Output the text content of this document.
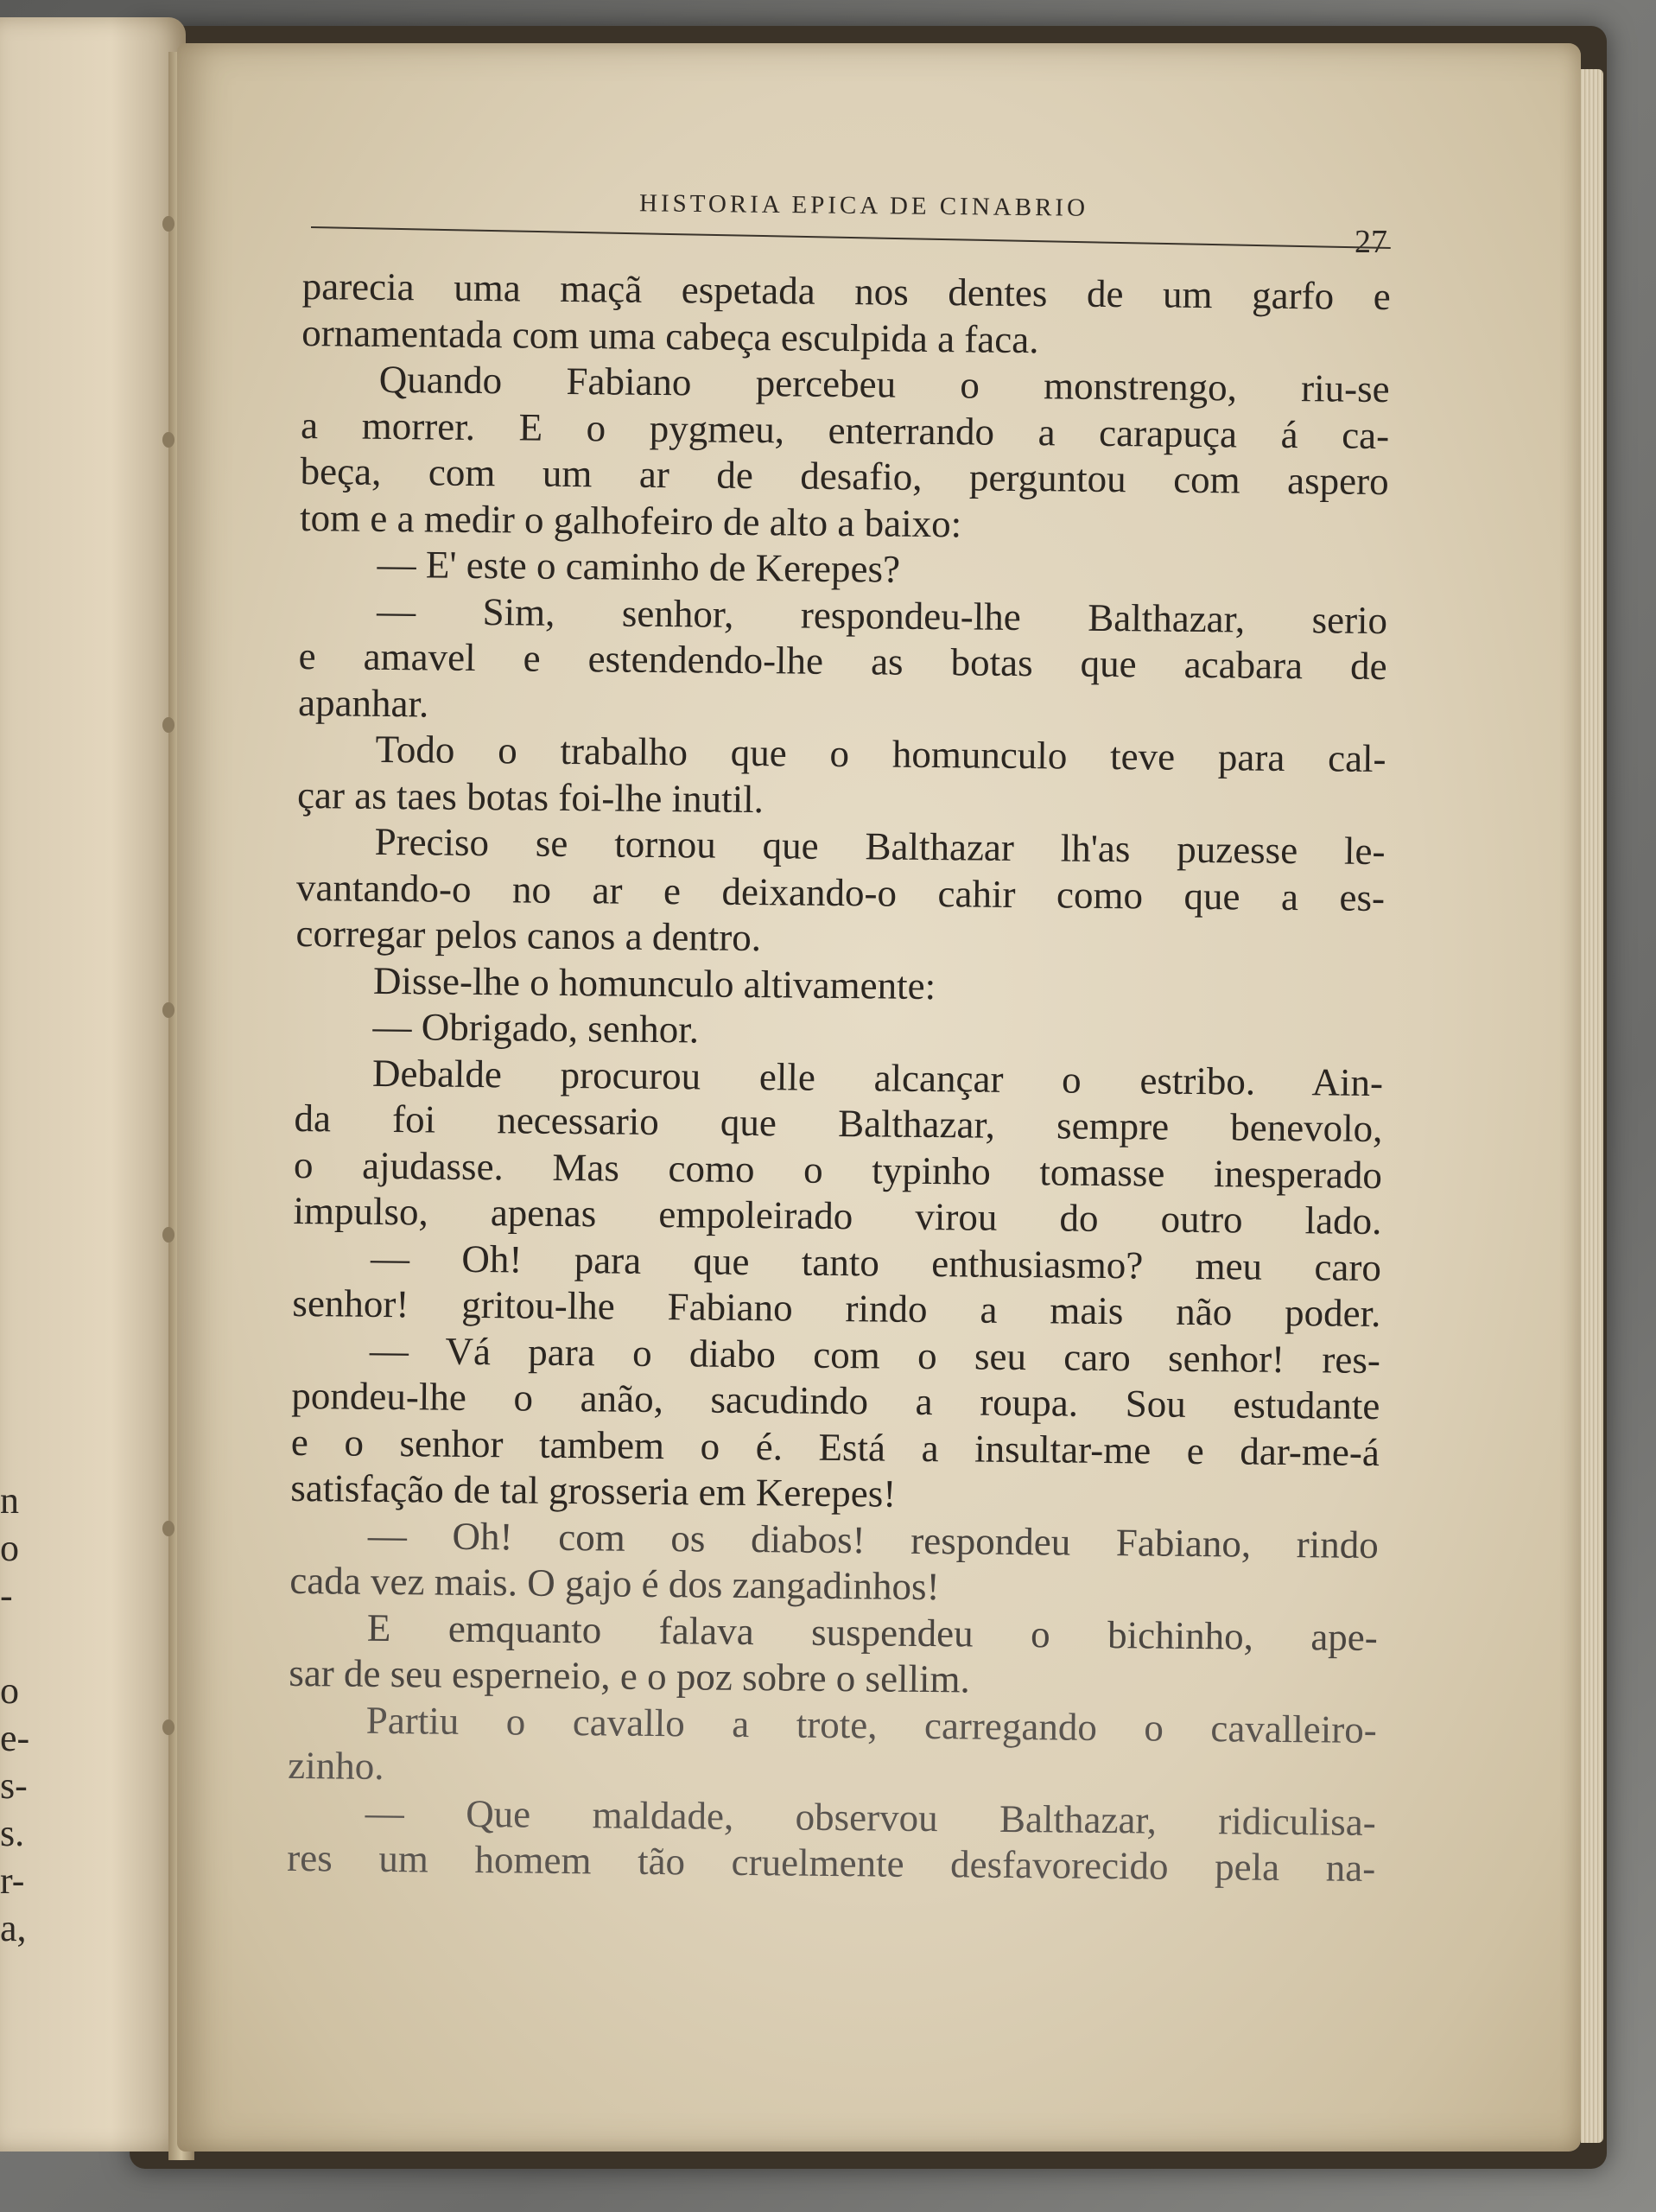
n
o
-
o
e-
s-
s.
r-
a,
HISTORIA EPICA DE CINABRIO
27
parecia uma maçã espetada nos dentes de um garfo e
ornamentada com uma cabeça esculpida a faca.
Quando Fabiano percebeu o monstrengo, riu-se
a morrer. E o pygmeu, enterrando a carapuça á ca-
beça, com um ar de desafio, perguntou com aspero
tom e a medir o galhofeiro de alto a baixo:
— E' este o caminho de Kerepes?
— Sim, senhor, respondeu-lhe Balthazar, serio
e amavel e estendendo-lhe as botas que acabara de
apanhar.
Todo o trabalho que o homunculo teve para cal-
çar as taes botas foi-lhe inutil.
Preciso se tornou que Balthazar lh'as puzesse le-
vantando-o no ar e deixando-o cahir como que a es-
corregar pelos canos a dentro.
Disse-lhe o homunculo altivamente:
— Obrigado, senhor.
Debalde procurou elle alcançar o estribo. Ain-
da foi necessario que Balthazar, sempre benevolo,
o ajudasse. Mas como o typinho tomasse inesperado
impulso, apenas empoleirado virou do outro lado.
— Oh! para que tanto enthusiasmo? meu caro
senhor! gritou-lhe Fabiano rindo a mais não poder.
— Vá para o diabo com o seu caro senhor! res-
pondeu-lhe o anão, sacudindo a roupa. Sou estudante
e o senhor tambem o é. Está a insultar-me e dar-me-á
satisfação de tal grosseria em Kerepes!
— Oh! com os diabos! respondeu Fabiano, rindo
cada vez mais. O gajo é dos zangadinhos!
E emquanto falava suspendeu o bichinho, ape-
sar de seu esperneio, e o poz sobre o sellim.
Partiu o cavallo a trote, carregando o cavalleiro-
zinho.
— Que maldade, observou Balthazar, ridiculisa-
res um homem tão cruelmente desfavorecido pela na-
